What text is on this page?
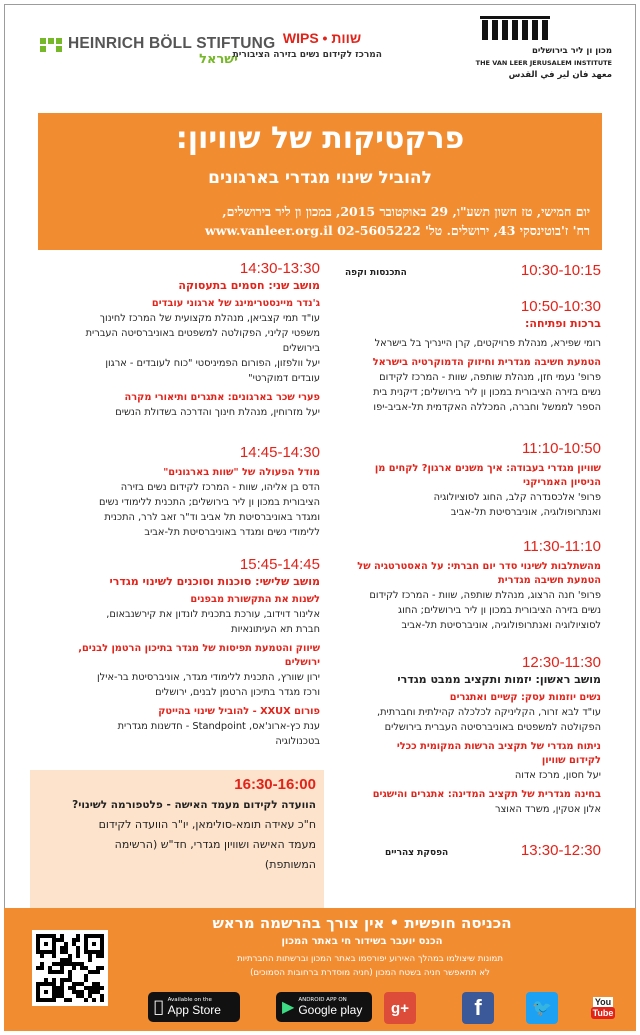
HEINRICH BÖLL STIFTUNG
ישראל
WIPS • שוות
המרכז לקידום נשים בזירה הציבורית	מכון ון ליר בירושלים
THE VAN LEER JERUSALEM INSTITUTE
معهد فان لير في القدس
פרקטיקות של שוויון:
להוביל שינוי מגדרי בארגונים
יום חמישי, טז חשון תשע"ו, 29 באוקטובר 2015, במכון ון ליר בירושלים,
רח' ז'בוטינסקי 43, ירושלים. טל' 02-5605222 www.vanleer.org.il
10:30-10:15
התכנסות וקפה
10:50-10:30
ברכות ופתיחה:
רומי שפירא, מנהלת פרויקטים, קרן היינריך בל בישראל
הטמעת חשיבה מגדרית וחיזוק הדמוקרטיה בישראל
פרופ' נעמי חזן, מנהלת שותפה, שוות - המרכז לקידום
נשים בזירה הציבורית במכון ון ליר בירושלים; דיקנית בית
הספר לממשל וחברה, המכללה האקדמית תל-אביב-יפו
11:10-10:50
שוויון מגדרי בעבודה: איך משנים ארגון? לקחים מן
הניסיון האמריקני
פרופ' אלכסנדרה קלב, החוג לסוציולוגיה
ואנתרופולוגיה, אוניברסיטת תל-אביב
11:30-11:10
מהשתלבות לשינוי סדר יום חברתי: על האסטרטגיה של
הטמעת חשיבה מגדרית
פרופ' חנה הרצוג, מנהלת שותפה, שוות - המרכז לקידום
נשים בזירה הציבורית במכון ון ליר בירושלים; החוג
לסוציולוגיה ואנתרופולוגיה, אוניברסיטת תל-אביב
12:30-11:30
מושב ראשון: יזמות ותקציב ממבט מגדרי
נשים יוזמות עסק: קשיים ואתגרים
עו"ד לבא זרור, הקליניקה לכלכלה קהילתית וחברתית,
הפקולטה למשפטים באוניברסיטה העברית בירושלים
ניתוח מגדרי של תקציב הרשות המקומית ככלי
לקידום שוויון
יעל חסון, מרכז אדוה
בחינה מגדרית של תקציב המדינה: אתגרים והישגים
אלון אטקין, משרד האוצר
13:30-12:30
הפסקת צהריים
14:30-13:30
מושב שני: חסמים בתעסוקה
ג'נדר מיינסטרימינג של ארגוני עובדים
עו"ד תמי קצביאן, מנהלת מקצועית של המרכז לחינוך
משפטי קליני, הפקולטה למשפטים באוניברסיטה העברית
בירושלים
יעל וולפזון, הפורום הפמיניסטי "כוח לעובדים - ארגון
עובדים דמוקרטי"
פערי שכר בארגונים: אתגרים ותיאורי מקרה
יעל מזרוחין, מנהלת חינוך והדרכה בשדולת הנשים
14:45-14:30
מודל הפעולה של "שוות בארגונים"
הדס בן אליהו, שוות - המרכז לקידום נשים בזירה
הציבורית במכון ון ליר בירושלים; התכנית ללימודי נשים
ומגדר באוניברסיטת תל אביב וד"ר זאב לרר, התכנית
ללימודי נשים ומגדר באוניברסיטת תל-אביב
15:45-14:45
מושב שלישי: סוכנות וסוכנים לשינוי מגדרי
לשנות את התקשורת מבפנים
אלינור דוידוב, עורכת בתכנית לונדון את קירשנבאום,
חברת תא העיתונאיות
שיווק והטמעת תפיסות של מגדר בתיכון הרטמן לבנים,
ירושלים
ירון שוורץ, התכנית ללימודי מגדר, אוניברסיטת בר-אילן
ורכז מגדר בתיכון הרטמן לבנים, ירושלים
פורום XXUX - להוביל שינוי בהייטק
ענת כץ-ארונ'אס, Standpoint - חדשנות מגדרית
בטכנולוגיה
16:30-16:00
הוועדה לקידום מעמד האישה - פלטפורמה לשינוי?
ח"כ עאידה תומא-סולימאן, יו"ר הוועדה לקידום
מעמד האישה ושוויון מגדרי, חד"ש (הרשימה
המשותפת)
הכניסה חופשית • אין צורך בהרשמה מראש
הכנס יועבר בשידור חי באתר המכון
תמונות שיצולמו במהלך האירוע יפורסמו באתר המכון וברשתות החברתיות
לא תתאפשר חניה בשטח המכון (חניה מוסדרת ברחובות הסמוכים)
Available on the
App Store	▶ ANDROID APP ON
Google play	g+	f	🐦	You
Tube
